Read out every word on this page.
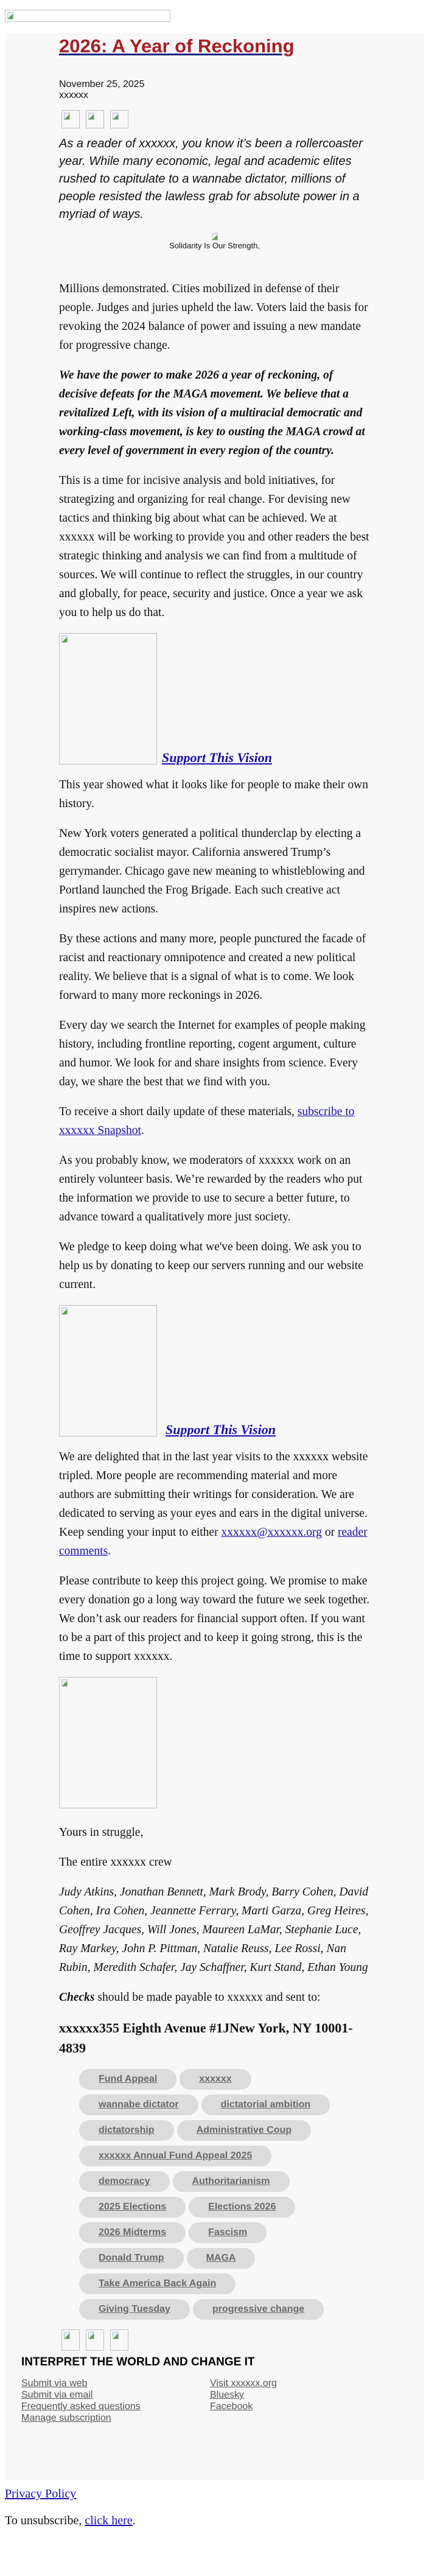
2026: A Year of Reckoning
November 25, 2025
xxxxxx

As a reader of xxxxxx, you know it’s been a rollercoaster year. While many economic, legal and academic elites rushed to capitulate to a wannabe dictator, millions of people resisted the lawless grab for absolute power in a myriad of ways.

Solidarity Is Our Strength,

Millions demonstrated. Cities mobilized in defense of their people. Judges and juries upheld the law. Voters laid the basis for revoking the 2024 balance of power and issuing a new mandate for progressive change.

We have the power to make 2026 a year of reckoning, of decisive defeats for the MAGA movement. We believe that a revitalized Left, with its vision of a multiracial democratic and working-class movement, is key to ousting the MAGA crowd at every level of government in every region of the country.

This is a time for incisive analysis and bold initiatives, for strategizing and organizing for real change. For devising new tactics and thinking big about what can be achieved. We at xxxxxx will be working to provide you and other readers the best strategic thinking and analysis we can find from a multitude of sources. We will continue to reflect the struggles, in our country and globally, for peace, security and justice. Once a year we ask you to help us do that.

Support This Vision

This year showed what it looks like for people to make their own history.

New York voters generated a political thunderclap by electing a democratic socialist mayor. California answered Trump’s gerrymander. Chicago gave new meaning to whistleblowing and Portland launched the Frog Brigade. Each such creative act inspires new actions.

By these actions and many more, people punctured the facade of racist and reactionary omnipotence and created a new political reality. We believe that is a signal of what is to come. We look forward to many more reckonings in 2026.

Every day we search the Internet for examples of people making history, including frontline reporting, cogent argument, culture and humor. We look for and share insights from science. Every day, we share the best that we find with you.

To receive a short daily update of these materials, subscribe to xxxxxx Snapshot.

As you probably know, we moderators of xxxxxx work on an entirely volunteer basis. We’re rewarded by the readers who put the information we provide to use to secure a better future, to advance toward a qualitatively more just society.

We pledge to keep doing what we've been doing. We ask you to help us by donating to keep our servers running and our website current.

Support This Vision

We are delighted that in the last year visits to the xxxxxx website tripled. More people are recommending material and more authors are submitting their writings for consideration. We are dedicated to serving as your eyes and ears in the digital universe. Keep sending your input to either xxxxxx@xxxxxx.org or reader comments.

Please contribute to keep this project going. We promise to make every donation go a long way toward the future we seek together. We don’t ask our readers for financial support often. If you want to be a part of this project and to keep it going strong, this is the time to support xxxxxx.

Yours in struggle,

The entire xxxxxx crew

Judy Atkins, Jonathan Bennett, Mark Brody, Barry Cohen, David Cohen, Ira Cohen, Jeannette Ferrary, Marti Garza, Greg Heires, Geoffrey Jacques, Will Jones, Maureen LaMar, Stephanie Luce, Ray Markey, John P. Pittman, Natalie Reuss, Lee Rossi, Nan Rubin, Meredith Schafer, Jay Schaffner, Kurt Stand, Ethan Young

Checks should be made payable to xxxxxx and sent to:

xxxxxx355 Eighth Avenue #1JNew York, NY 10001-4839

Fund Appeal	xxxxxx
wannabe dictator	dictatorial ambition
dictatorship	Administrative Coup
xxxxxx Annual Fund Appeal 2025
democracy	Authoritarianism
2025 Elections	Elections 2026
2026 Midterms	Fascism
Donald Trump	MAGA
Take America Back Again
Giving Tuesday	progressive change
INTERPRET THE WORLD AND CHANGE IT
Submit via web
Submit via email
Frequently asked questions
Manage subscription
Visit xxxxxx.org
Bluesky
Facebook
Privacy Policy

To unsubscribe, click here.
